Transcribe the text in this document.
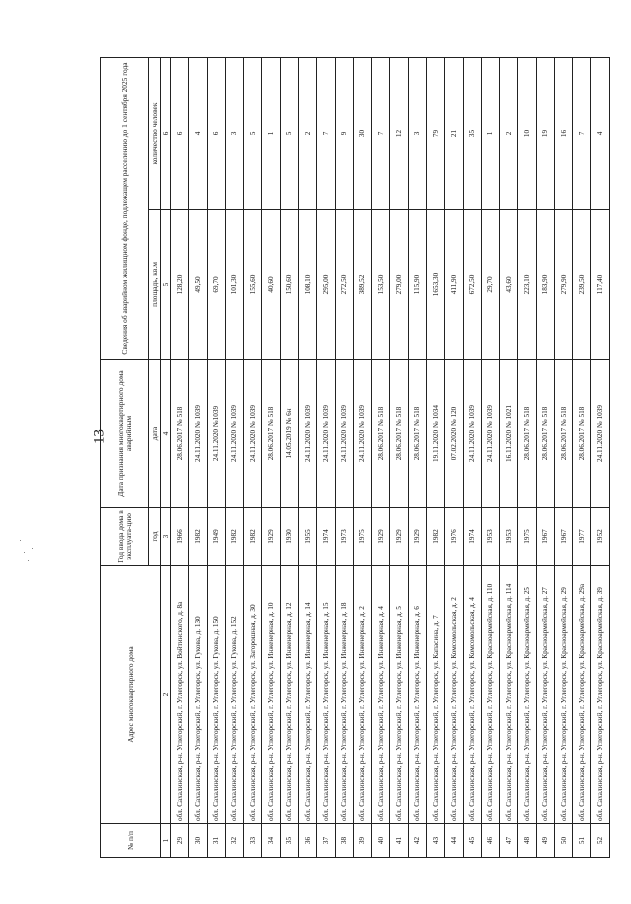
13
№ п/п	Адрес многоквартирного дома	Год ввода дома в эксплуата-цию	Дата признания многоквартирного дома аварийным	Сведения об аварийном жилищном фонде, подлежащем расселению до 1 сентября 2025 года	
		год	дата	площадь, кв.м	количество человек
1	2	3	4	5	6
29	обл. Сахалинская, р-н. Углегорский, г. Углегорск, ул. Войтинского, д. 8а	1966	28.06.2017 № 518	128,20	6
30	обл. Сахалинская, р-н. Углегорский, г. Углегорск, ул. Гукова, д. 130	1982	24.11.2020 № 1039	49,50	4
31	обл. Сахалинская, р-н. Углегорский, г. Углегорск, ул. Гукова, д. 150	1949	24.11.2020 №1039	69,70	6
32	обл. Сахалинская, р-н. Углегорский, г. Углегорск, ул. Гукова, д. 152	1982	24.11.2020 № 1039	101,30	3
33	обл. Сахалинская, р-н. Углегорский, г. Углегорск, ул. Загорошная, д. 30	1982	24.11.2020 № 1039	155,60	5
34	обл. Сахалинская, р-н. Углегорский, г. Углегорск, ул. Инженерная, д. 10	1929	28.06.2017 № 518	40,60	1
35	обл. Сахалинская, р-н. Углегорский, г. Углегорск, ул. Инженерная, д. 12	1930	14.05.2019 № 6н	150,60	5
36	обл. Сахалинская, р-н. Углегорский, г. Углегорск, ул. Инженерная, д. 14	1955	24.11.2020 № 1039	108,10	2
37	обл. Сахалинская, р-н. Углегорский, г. Углегорск, ул. Инженерная, д. 15	1974	24.11.2020 № 1039	295,00	7
38	обл. Сахалинская, р-н. Углегорский, г. Углегорск, ул. Инженерная, д. 18	1973	24.11.2020 № 1039	272,50	9
39	обл. Сахалинская, р-н. Углегорский, г. Углегорск, ул. Инженерная, д. 2	1975	24.11.2020 № 1039	389,52	30
40	обл. Сахалинская, р-н. Углегорский, г. Углегорск, ул. Инженерная, д. 4	1929	28.06.2017 № 518	153,50	7
41	обл. Сахалинская, р-н. Углегорский, г. Углегорск, ул. Инженерная, д. 5	1929	28.06.2017 № 518	279,00	12
42	обл. Сахалинская, р-н. Углегорский, г. Углегорск, ул. Инженерная, д. 6	1929	28.06.2017 № 518	115,90	3
43	обл. Сахалинская, р-н. Углегорский, г. Углегорск, ул. Капасина, д. 7	1982	19.11.2020 № 1034	1653,30	79
44	обл. Сахалинская, р-н. Углегорский, г. Углегорск, ул. Комсомольская, д. 2	1976	07.02.2020 № 120	411,90	21
45	обл. Сахалинская, р-н. Углегорский, г. Углегорск, ул. Комсомольская, д. 4	1974	24.11.2020 № 1039	672,50	35
46	обл. Сахалинская, р-н. Углегорский, г. Углегорск, ул. Красноармейская, д. 110	1953	24.11.2020 № 1039	29,70	1
47	обл. Сахалинская, р-н. Углегорский, г. Углегорск, ул. Красноармейская, д. 114	1953	16.11.2020 № 1021	43,60	2
48	обл. Сахалинская, р-н. Углегорский, г. Углегорск, ул. Красноармейская, д. 25	1975	28.06.2017 № 518	223,10	10
49	обл. Сахалинская, р-н. Углегорский, г. Углегорск, ул. Красноармейская, д. 27	1967	28.06.2017 № 518	183,90	19
50	обл. Сахалинская, р-н. Углегорский, г. Углегорск, ул. Красноармейская, д. 29	1967	28.06.2017 № 518	279,90	16
51	обл. Сахалинская, р-н. Углегорский, г. Углегорск, ул. Красноармейская, д. 29а	1977	28.06.2017 № 518	239,50	7
52	обл. Сахалинская, р-н. Углегорский, г. Углегорск, ул. Красноармейская, д. 39	1952	24.11.2020 № 1039	117,40	4
